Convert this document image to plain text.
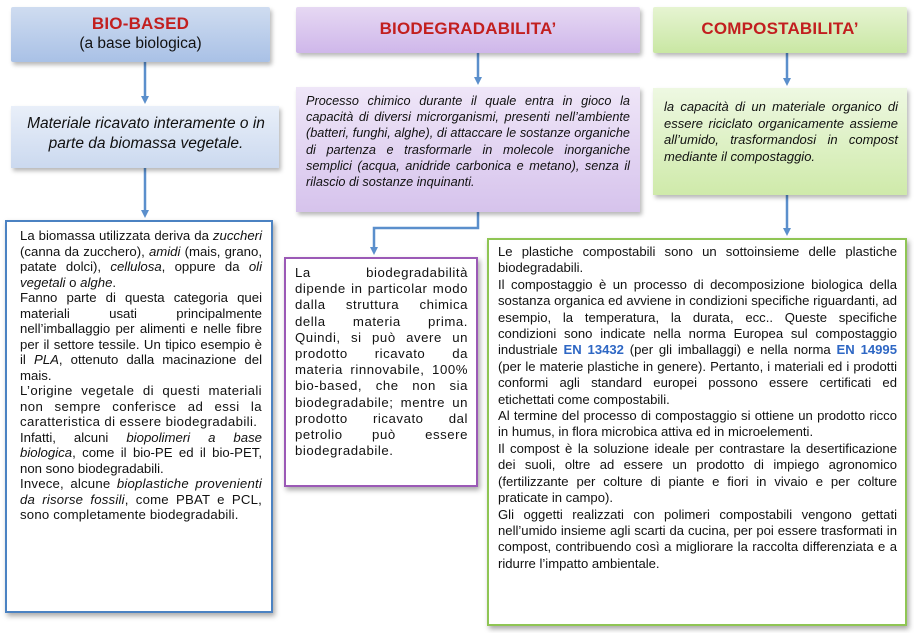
BIO-BASED
(a base biologica)
BIODEGRADABILITA’	COMPOSTABILITA’
Materiale ricavato interamente o in parte da biomassa vegetale.
Processo chimico durante il quale entra in gioco la capacità di diversi microrganismi, presenti nell’ambiente (batteri, funghi, alghe), di attaccare le sostanze organiche di partenza e trasformarle in molecole inorganiche semplici (acqua, anidride carbonica e metano), senza il rilascio di sostanze inquinanti.
la capacità di un materiale organico di essere riciclato organicamente assieme all’umido, trasformandosi in compost mediante il compostaggio.

La biomassa utilizzata deriva da zuccheri (canna da zucchero), amidi (mais, grano, patate dolci), cellulosa, oppure da oli vegetali o alghe.

Fanno parte di questa categoria quei materiali usati principalmente nell’imballaggio per alimenti e nelle fibre per il settore tessile. Un tipico esempio è il PLA, ottenuto dalla macinazione del mais.

L’origine vegetale di questi materiali non sempre conferisce ad essi la caratteristica di essere biodegradabili.

Infatti, alcuni biopolimeri a base biologica, come il bio-PE ed il bio-PET, non sono biodegradabili.

Invece, alcune bioplastiche provenienti da risorse fossili, come PBAT e PCL, sono completamente biodegradabili.

La biodegradabilità dipende in particolar modo dalla struttura chimica della materia prima. Quindi, si può avere un prodotto ricavato da materia rinnovabile, 100% bio-based, che non sia biodegradabile; mentre un prodotto ricavato dal petrolio può essere biodegradabile.

Le plastiche compostabili sono un sottoinsieme delle plastiche biodegradabili.

Il compostaggio è un processo di decomposizione biologica della sostanza organica ed avviene in condizioni specifiche riguardanti, ad esempio, la temperatura, la durata, ecc.. Queste specifiche condizioni sono indicate nella norma Europea sul compostaggio industriale EN 13432 (per gli imballaggi) e nella norma EN 14995 (per le materie plastiche in genere). Pertanto, i materiali ed i prodotti conformi agli standard europei possono essere certificati ed etichettati come compostabili.

Al termine del processo di compostaggio si ottiene un prodotto ricco in humus, in flora microbica attiva ed in microelementi.

Il compost è la soluzione ideale per contrastare la desertificazione dei suoli, oltre ad essere un prodotto di impiego agronomico (fertilizzante per colture di piante e fiori in vivaio e per colture praticate in campo).

Gli oggetti realizzati con polimeri compostabili vengono gettati nell’umido insieme agli scarti da cucina, per poi essere trasformati in compost, contribuendo così a migliorare la raccolta differenziata e a ridurre l’impatto ambientale.
